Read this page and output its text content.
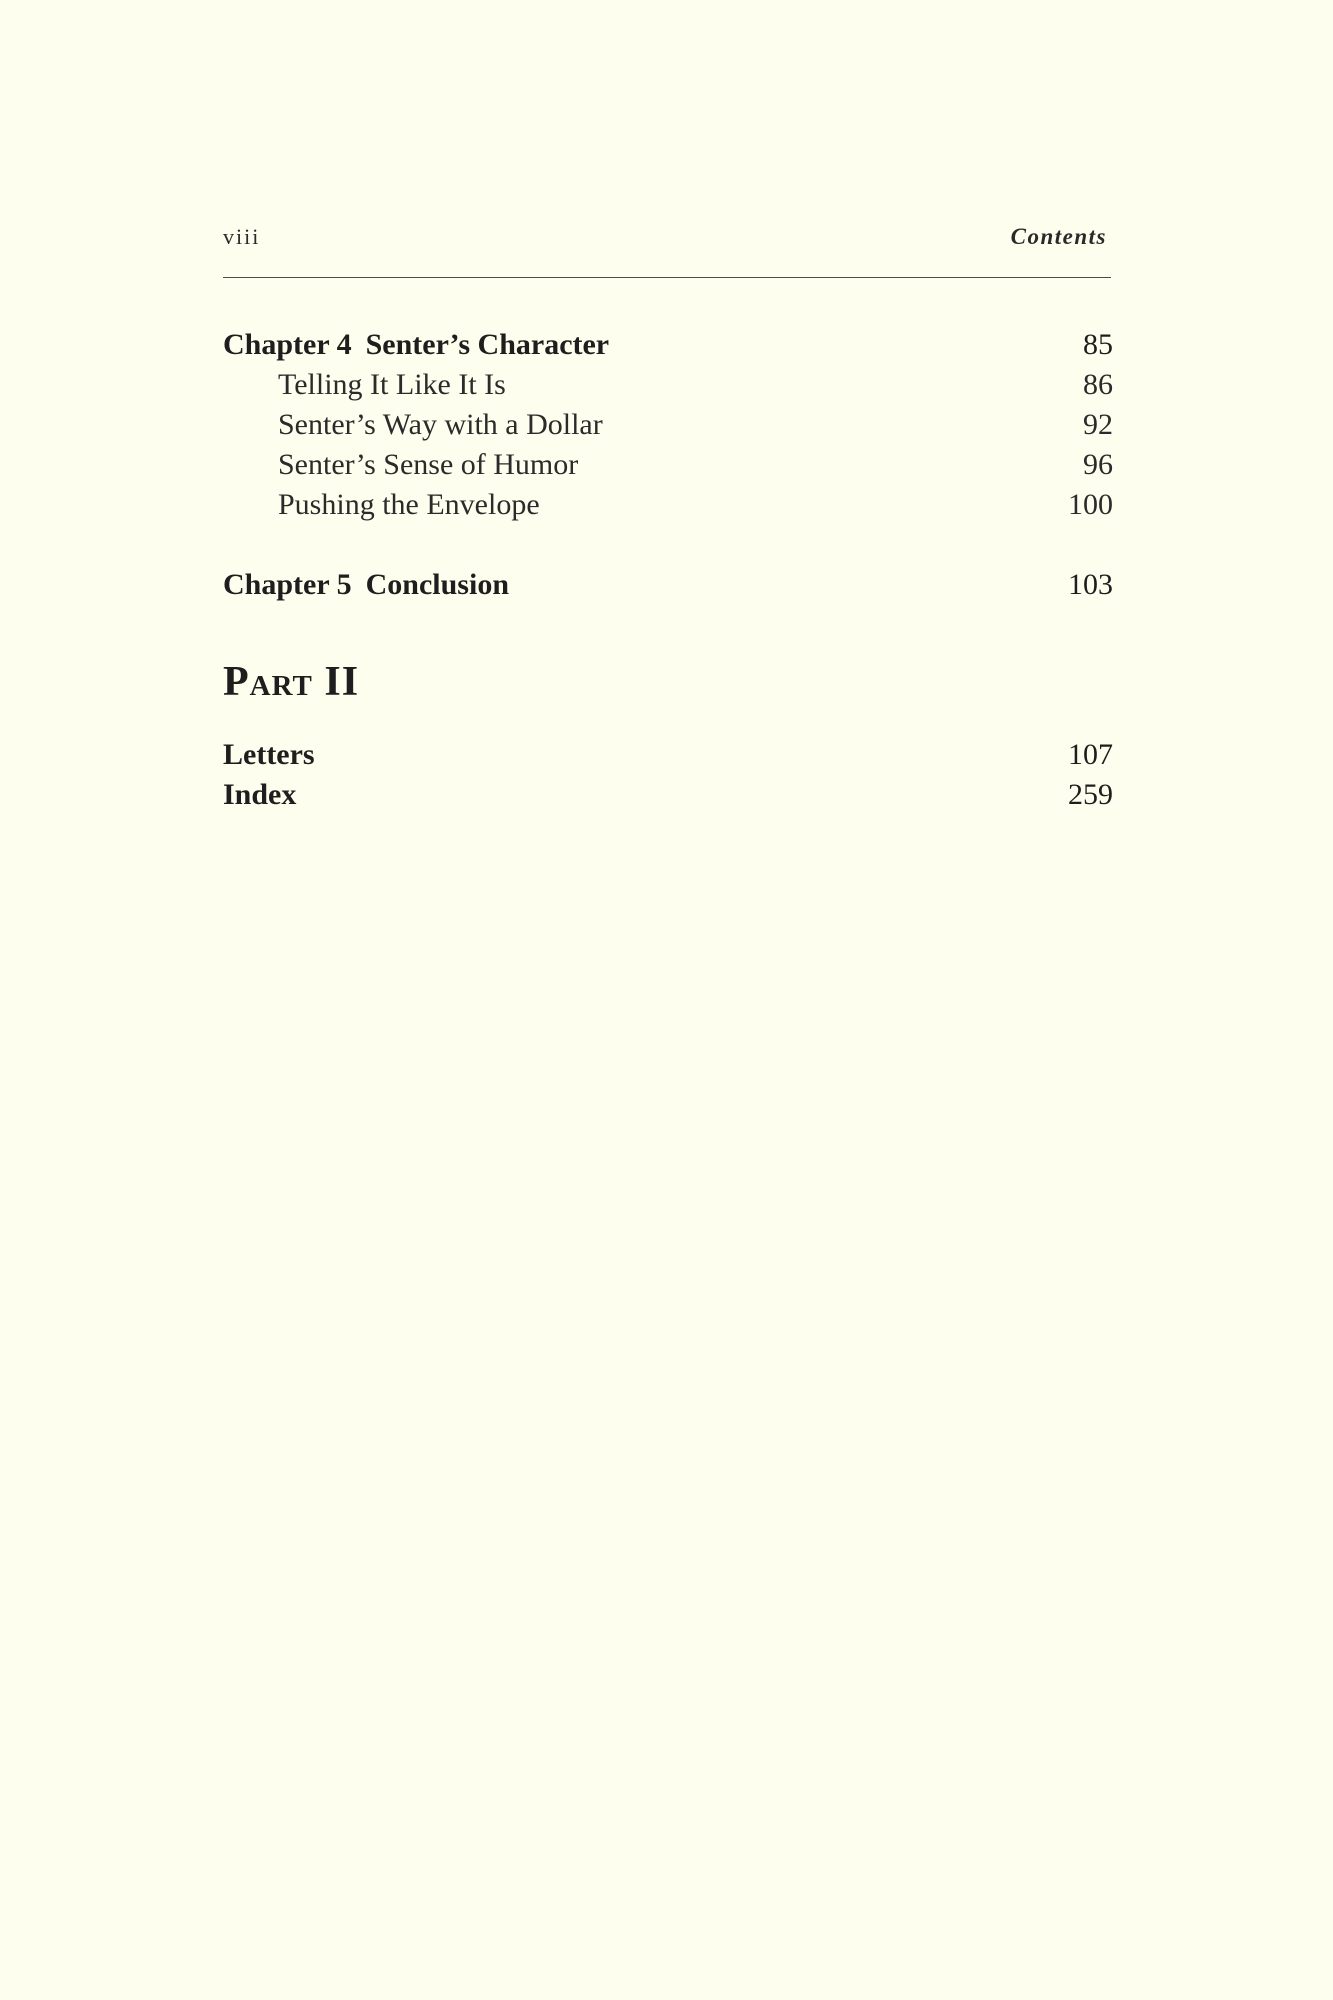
viii	Contents
Chapter 4 Senter’s Character	85
Telling It Like It Is	86
Senter’s Way with a Dollar	92
Senter’s Sense of Humor	96
Pushing the Envelope	100
Chapter 5 Conclusion	103
Part II
Letters	107
Index	259
